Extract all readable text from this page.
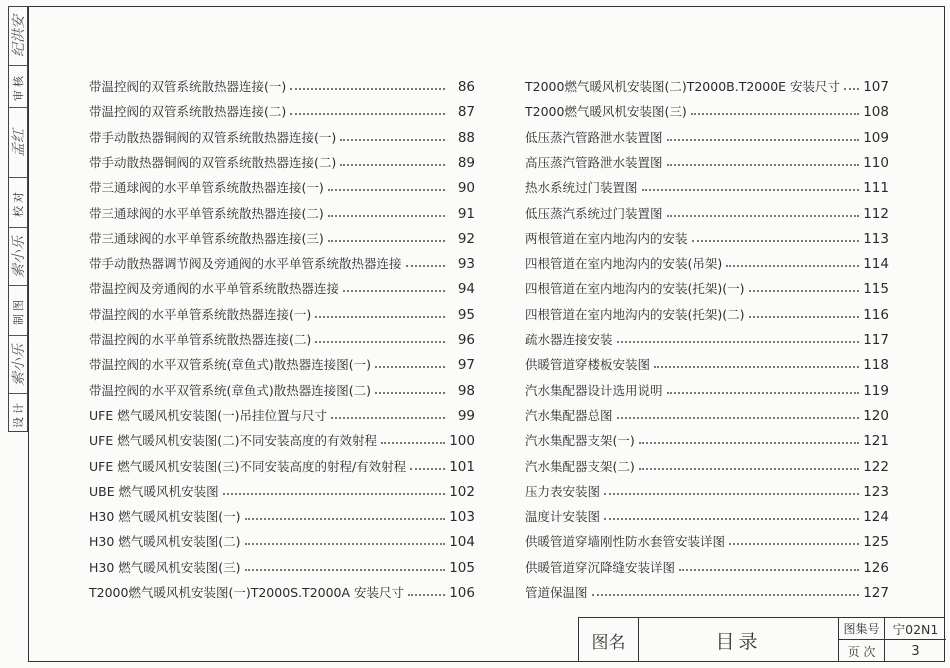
纪洪安
审核
孟红
校对
索小乐
制图
索小乐
设计
带温控阀的双管系统散热器连接(一)	86
带温控阀的双管系统散热器连接(二)	87
带手动散热器铜阀的双管系统散热器连接(一)	88
带手动散热器铜阀的双管系统散热器连接(二)	89
带三通球阀的水平单管系统散热器连接(一)	90
带三通球阀的水平单管系统散热器连接(二)	91
带三通球阀的水平单管系统散热器连接(三)	92
带手动散热器调节阀及旁通阀的水平单管系统散热器连接	93
带温控阀及旁通阀的水平单管系统散热器连接	94
带温控阀的水平单管系统散热器连接(一)	95
带温控阀的水平单管系统散热器连接(二)	96
带温控阀的水平双管系统(章鱼式)散热器连接图(一)	97
带温控阀的水平双管系统(章鱼式)散热器连接图(二)	98
UFE 燃气暖风机安装图(一)吊挂位置与尺寸	99
UFE 燃气暖风机安装图(二)不同安装高度的有效射程	100
UFE 燃气暖风机安装图(三)不同安装高度的射程/有效射程	101
UBE 燃气暖风机安装图	102
H30 燃气暖风机安装图(一)	103
H30 燃气暖风机安装图(二)	104
H30 燃气暖风机安装图(三)	105
T2000燃气暖风机安装图(一)T2000S.T2000A 安装尺寸	106
T2000燃气暖风机安装图(二)T2000B.T2000E 安装尺寸 107
T2000燃气暖风机安装图(三)	108
低压蒸汽管路泄水装置图	109
高压蒸汽管路泄水装置图	110
热水系统过门装置图	111
低压蒸汽系统过门装置图	112
两根管道在室内地沟内的安装	113
四根管道在室内地沟内的安装(吊架)	114
四根管道在室内地沟内的安装(托架)(一)	115
四根管道在室内地沟内的安装(托架)(二)	116
疏水器连接安装	117
供暖管道穿楼板安装图	118
汽水集配器设计选用说明	119
汽水集配器总图	120
汽水集配器支架(一)	121
汽水集配器支架(二)	122
压力表安装图	123
温度计安装图	124
供暖管道穿墙刚性防水套管安装详图	125
供暖管道穿沉降缝安装详图	126
管道保温图	127
图名	目录
图集号	宁02N1
页 次	3
